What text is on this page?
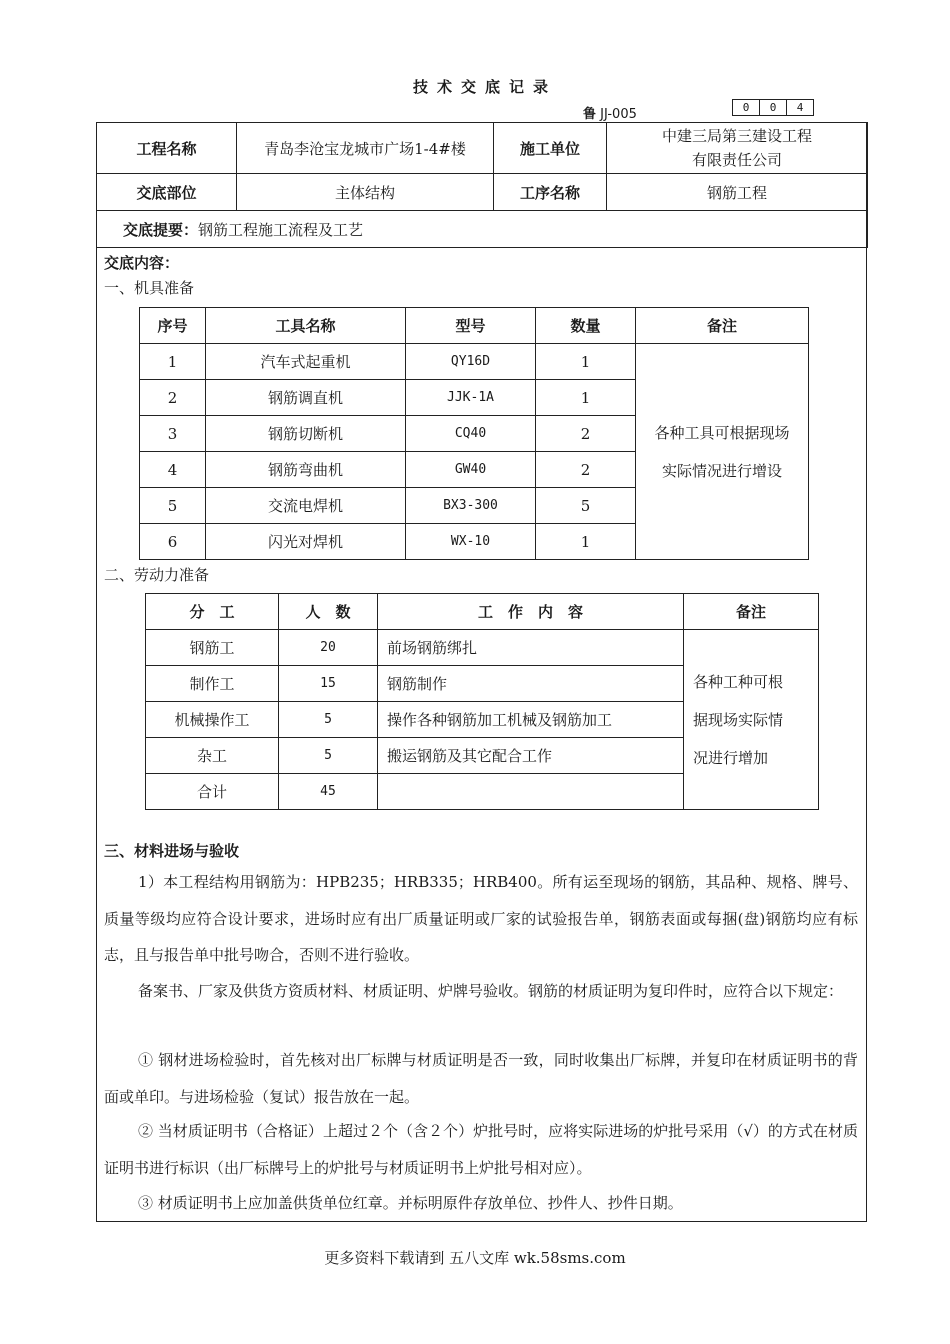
技术交底记录
鲁 JJ-005	0	0	4
工程名称	青岛李沧宝龙城市广场1-4#楼	施工单位	中建三局第三建设工程
有限责任公司

交底部位	主体结构	工序名称	钢筋工程
交底提要：钢筋工程施工流程及工艺			
交底内容：
一、机具准备
序号	工具名称	型号	数量	备注
1	汽车式起重机	QY16D	1	各种工具可根据现场
实际情况进行增设

2	钢筋调直机	JJK-1A	1	
3	钢筋切断机	CQ40	2	
4	钢筋弯曲机	GW40	2	
5	交流电焊机	BX3-300	5	
6	闪光对焊机	WX-10	1	
二、劳动力准备
分　工	人　数	工　作　内　容	备注
钢筋工	20	前场钢筋绑扎	各种工种可根
据现场实际情
况进行增加

制作工	15	钢筋制作	
机械操作工	5	操作各种钢筋加工机械及钢筋加工	
杂工	5	搬运钢筋及其它配合工作	
合计	45		
三、材料进场与验收
1）本工程结构用钢筋为：HPB235；HRB335；HRB400。所有运至现场的钢筋，其品种、规格、牌号、质量等级均应符合设计要求，进场时应有出厂质量证明或厂家的试验报告单，钢筋表面或每捆(盘)钢筋均应有标志，且与报告单中批号吻合，否则不进行验收。
备案书、厂家及供货方资质材料、材质证明、炉牌号验收。钢筋的材质证明为复印件时，应符合以下规定：
① 钢材进场检验时，首先核对出厂标牌与材质证明是否一致，同时收集出厂标牌，并复印在材质证明书的背面或单印。与进场检验（复试）报告放在一起。
② 当材质证明书（合格证）上超过２个（含２个）炉批号时，应将实际进场的炉批号采用（√）的方式在材质证明书进行标识（出厂标牌号上的炉批号与材质证明书上炉批号相对应）。
③ 材质证明书上应加盖供货单位红章。并标明原件存放单位、抄件人、抄件日期。
更多资料下载请到 五八文库 wk.58sms.com
